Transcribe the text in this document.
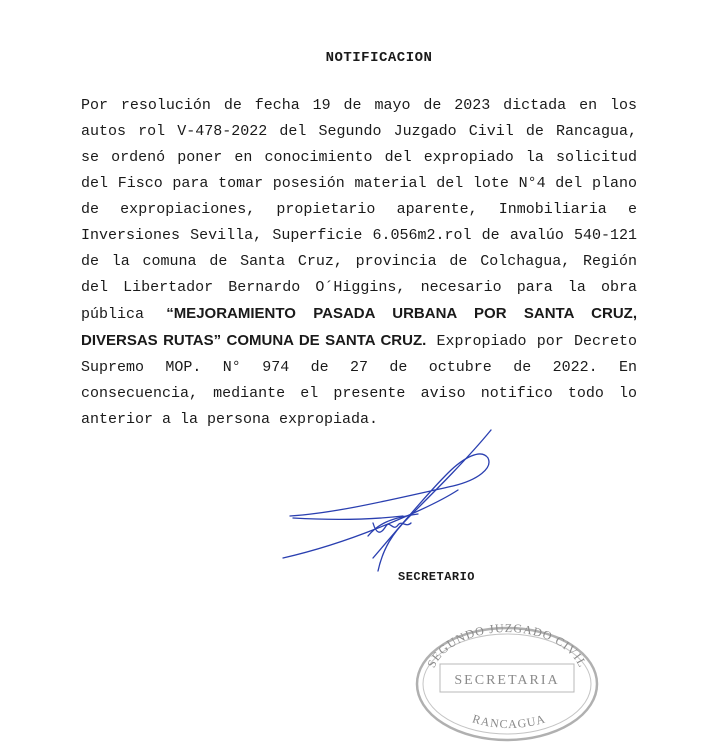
NOTIFICACION
Por resolución de fecha 19 de mayo de 2023 dictada en los autos rol V-478-2022 del Segundo Juzgado Civil de Rancagua, se ordenó poner en conocimiento del expropiado la solicitud del Fisco para tomar posesión material del lote N°4 del plano de expropiaciones, propietario aparente, Inmobiliaria e Inversiones Sevilla, Superficie 6.056m2.rol de avalúo 540-121 de la comuna de Santa Cruz, provincia de Colchagua, Región del Libertador Bernardo O´Higgins, necesario para la obra pública “MEJORAMIENTO PASADA URBANA POR SANTA CRUZ, DIVERSAS RUTAS” COMUNA DE SANTA CRUZ. Expropiado por Decreto Supremo MOP. N° 974 de 27 de octubre de 2022. En consecuencia, mediante el presente aviso notifico todo lo anterior a la persona expropiada.
SECRETARIO
SEGUNDO JUZGADO CIVIL
SECRETARIA
RANCAGUA
